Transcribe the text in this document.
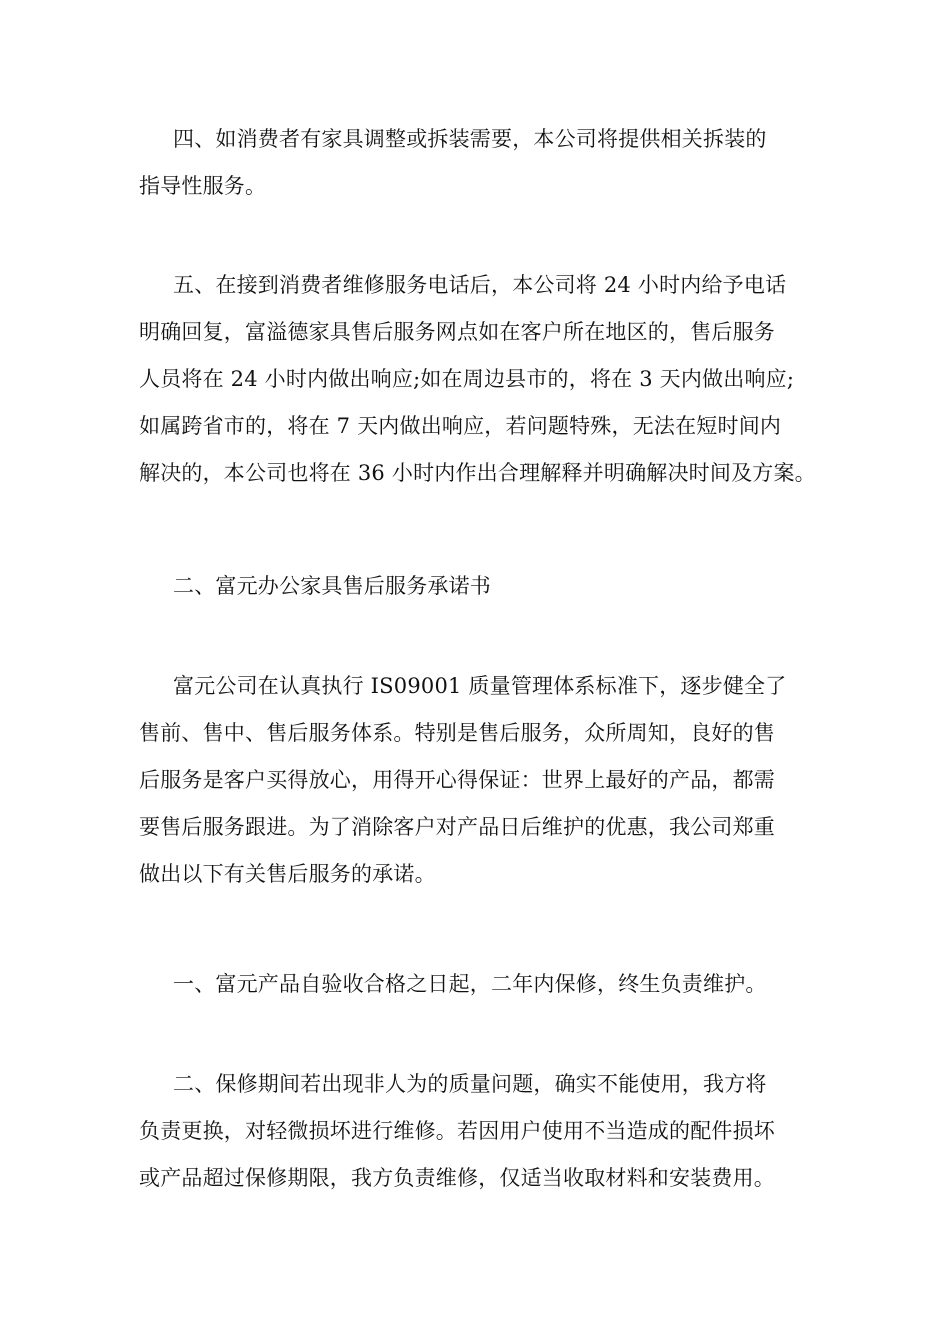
四、如消费者有家具调整或拆装需要，本公司将提供相关拆装的
指导性服务。

五、在接到消费者维修服务电话后，本公司将 24 小时内给予电话
明确回复，富溢德家具售后服务网点如在客户所在地区的，售后服务
人员将在 24 小时内做出响应;如在周边县市的，将在 3 天内做出响应;
如属跨省市的，将在 7 天内做出响应，若问题特殊，无法在短时间内
解决的，本公司也将在 36 小时内作出合理解释并明确解决时间及方案。

二、富元办公家具售后服务承诺书

富元公司在认真执行 IS09001 质量管理体系标准下，逐步健全了
售前、售中、售后服务体系。特别是售后服务，众所周知，良好的售
后服务是客户买得放心，用得开心得保证：世界上最好的产品，都需
要售后服务跟进。为了消除客户对产品日后维护的优惠，我公司郑重
做出以下有关售后服务的承诺。

一、富元产品自验收合格之日起，二年内保修，终生负责维护。

二、保修期间若出现非人为的质量问题，确实不能使用，我方将
负责更换，对轻微损坏进行维修。若因用户使用不当造成的配件损坏
或产品超过保修期限，我方负责维修，仅适当收取材料和安装费用。
